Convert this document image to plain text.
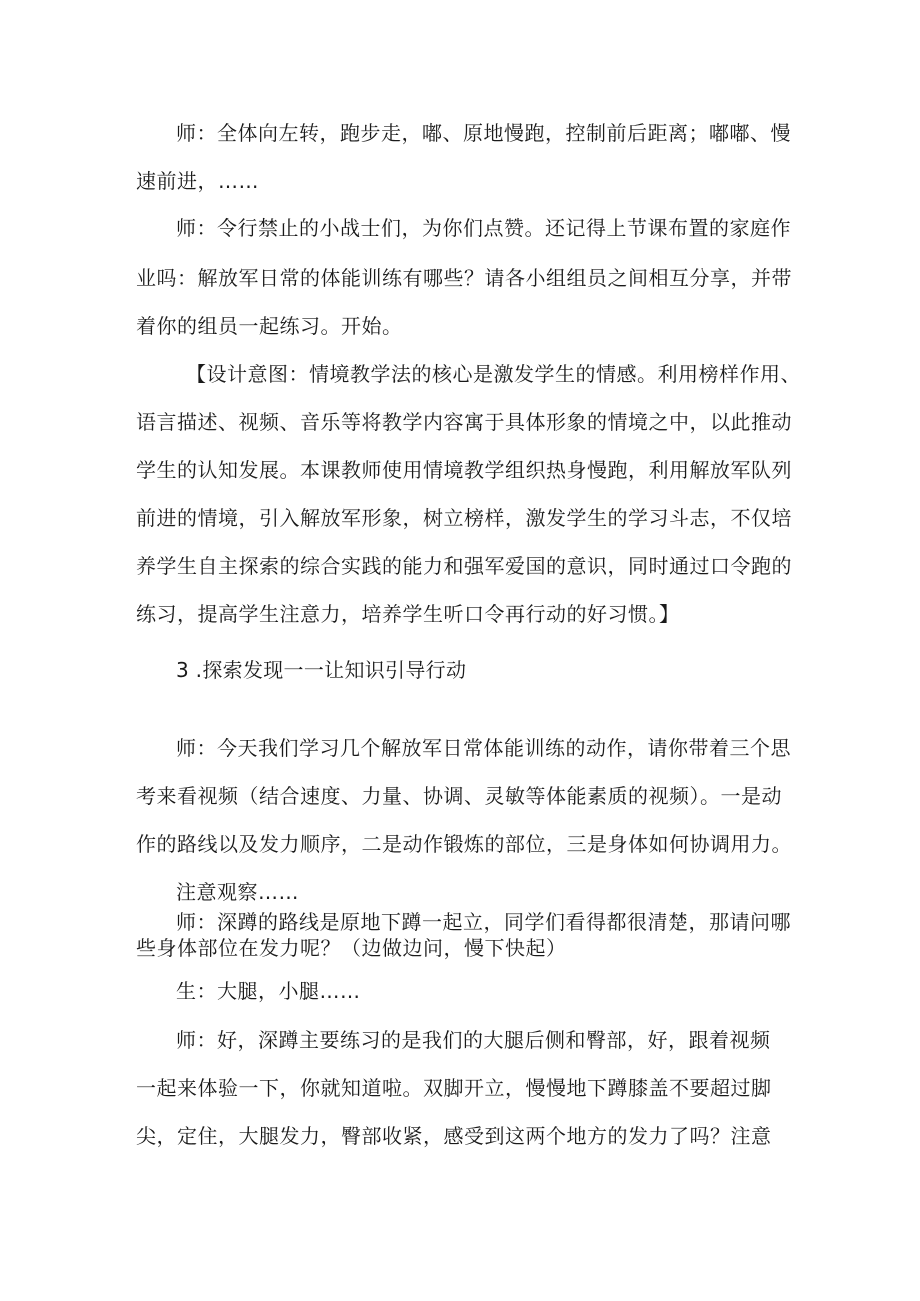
师：全体向左转，跑步走，嘟、原地慢跑，控制前后距离；嘟嘟、慢
速前进，……
师：令行禁止的小战士们，为你们点赞。还记得上节课布置的家庭作
业吗：解放军日常的体能训练有哪些？请各小组组员之间相互分享，并带
着你的组员一起练习。开始。
【设计意图：情境教学法的核心是激发学生的情感。利用榜样作用、
语言描述、视频、音乐等将教学内容寓于具体形象的情境之中，以此推动
学生的认知发展。本课教师使用情境教学组织热身慢跑，利用解放军队列
前进的情境，引入解放军形象，树立榜样，激发学生的学习斗志，不仅培
养学生自主探索的综合实践的能力和强军爱国的意识，同时通过口令跑的
练习，提高学生注意力，培养学生听口令再行动的好习惯。】
3 .探索发现一一让知识引导行动
师：今天我们学习几个解放军日常体能训练的动作，请你带着三个思
考来看视频（结合速度、力量、协调、灵敏等体能素质的视频）。一是动
作的路线以及发力顺序，二是动作锻炼的部位，三是身体如何协调用力。
注意观察……
师：深蹲的路线是原地下蹲一起立，同学们看得都很清楚，那请问哪
些身体部位在发力呢？（边做边问，慢下快起）
生：大腿，小腿……
师：好，深蹲主要练习的是我们的大腿后侧和臀部，好，跟着视频
一起来体验一下，你就知道啦。双脚开立，慢慢地下蹲膝盖不要超过脚
尖，定住，大腿发力，臀部收紧，感受到这两个地方的发力了吗？注意
